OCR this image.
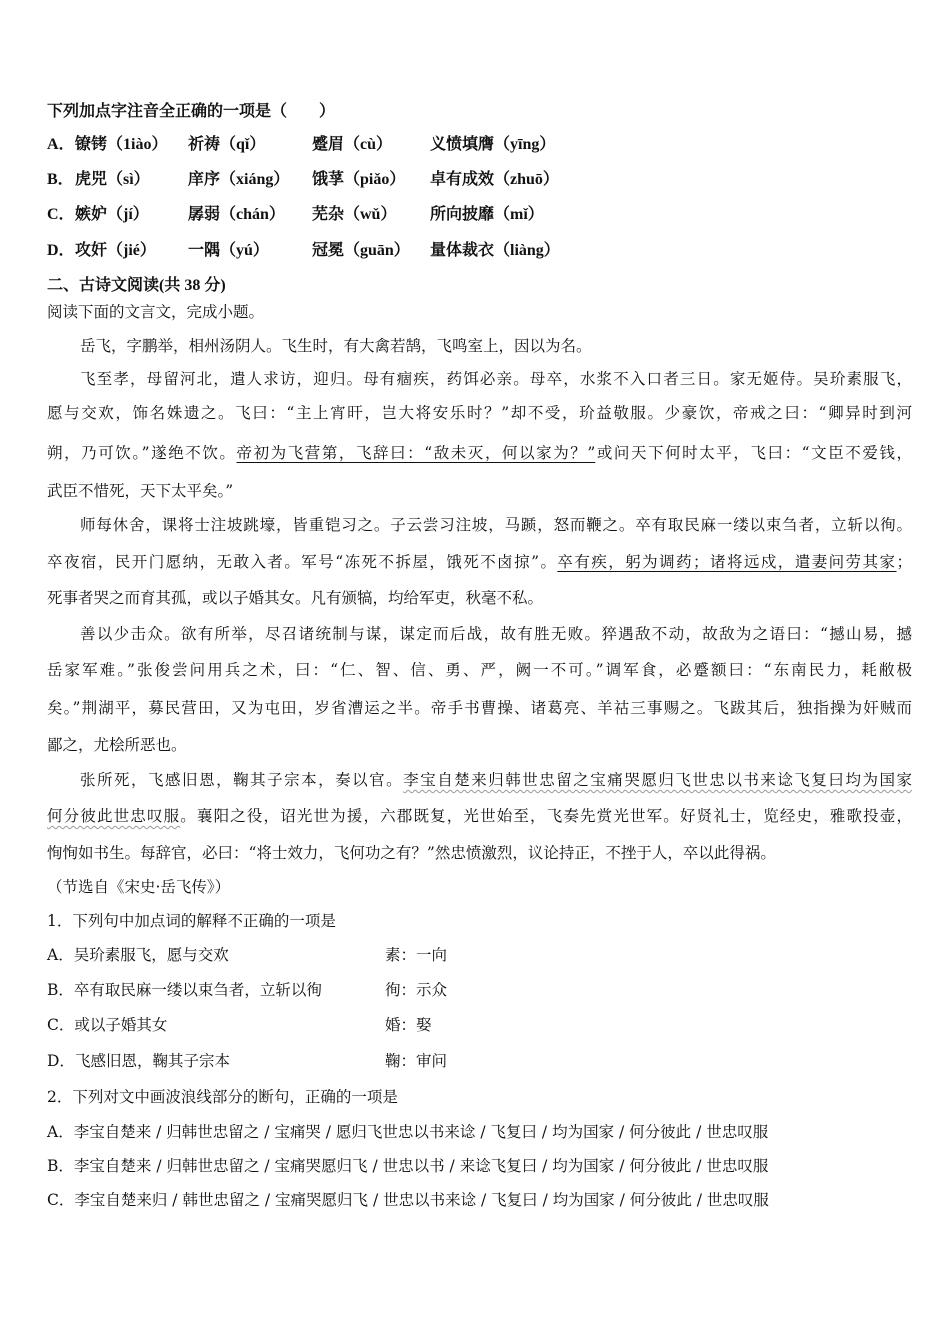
下列加点字注音全正确的一项是（　　）
A． 镣铐（1iào） 祈祷（qǐ）	蹙眉（cù） 义愤填膺（yīng）
B． 虎兕（sì） 庠序（xiáng） 饿莩（piǎo） 卓有成效（zhuō）
C． 嫉妒（jí） 孱弱（chán） 芜杂（wǔ） 所向披靡（mǐ）
D． 攻奸（jié） 一隅（yú）	冠冕（guān） 量体裁衣（liàng）
二、古诗文阅读(共 38 分)
阅读下面的文言文，完成小题。
岳飞，字鹏举，相州汤阴人。飞生时，有大禽若鹄，飞鸣室上，因以为名。
飞至孝，母留河北，遣人求访，迎归。母有痼疾，药饵必亲。母卒，水浆不入口者三日。家无姬侍。吴玠素服飞，
愿与交欢，饰名姝遗之。飞曰：“主上宵旰，岂大将安乐时？”却不受，玠益敬服。少豪饮，帝戒之曰：“卿异时到河
朔，乃可饮。”遂绝不饮。帝初为飞营第，飞辞曰：“敌未灭，何以家为？”或问天下何时太平，飞曰：“文臣不爱钱，
武臣不惜死，天下太平矣。”
师每休舍，课将士注坡跳壕，皆重铠习之。子云尝习注坡，马踬，怒而鞭之。卒有取民麻一缕以束刍者，立斩以徇。
卒夜宿，民开门愿纳，无敢入者。军号“冻死不拆屋，饿死不卤掠”。卒有疾，躬为调药；诸将远戍，遣妻问劳其家；
死事者哭之而育其孤，或以子婚其女。凡有颁犒，均给军吏，秋毫不私。
善以少击众。欲有所举，尽召诸统制与谋，谋定而后战，故有胜无败。猝遇敌不动，故敌为之语曰：“撼山易，撼
岳家军难。”张俊尝问用兵之术，曰：“仁、智、信、勇、严，阙一不可。”调军食，必蹙额曰：“东南民力，耗敝极
矣。”荆湖平，募民营田，又为屯田，岁省漕运之半。帝手书曹操、诸葛亮、羊祜三事赐之。飞跋其后，独指操为奸贼而
鄙之，尤桧所恶也。
张所死，飞感旧恩，鞠其子宗本，奏以官。李宝自楚来归韩世忠留之宝痛哭愿归飞世忠以书来谂飞复曰均为国家
何分彼此世忠叹服。襄阳之役，诏光世为援，六郡既复，光世始至，飞奏先赏光世军。好贤礼士，览经史，雅歌投壶，
恂恂如书生。每辞官，必曰：“将士效力，飞何功之有？”然忠愤激烈，议论持正，不挫于人，卒以此得祸。
（节选自《宋史·岳飞传》）
1．下列句中加点词的解释不正确的一项是
A．吴玠素服飞，愿与交欢	素：一向
B．卒有取民麻一缕以束刍者，立斩以徇	徇：示众
C．或以子婚其女	婚：娶
D．飞感旧恩，鞠其子宗本	鞠：审问
2．下列对文中画波浪线部分的断句，正确的一项是
A．李宝自楚来 / 归韩世忠留之 / 宝痛哭 / 愿归飞世忠以书来谂 / 飞复曰 / 均为国家 / 何分彼此 / 世忠叹服
B．李宝自楚来 / 归韩世忠留之 / 宝痛哭愿归飞 / 世忠以书 / 来谂飞复曰 / 均为国家 / 何分彼此 / 世忠叹服
C．李宝自楚来归 / 韩世忠留之 / 宝痛哭愿归飞 / 世忠以书来谂 / 飞复曰 / 均为国家 / 何分彼此 / 世忠叹服
